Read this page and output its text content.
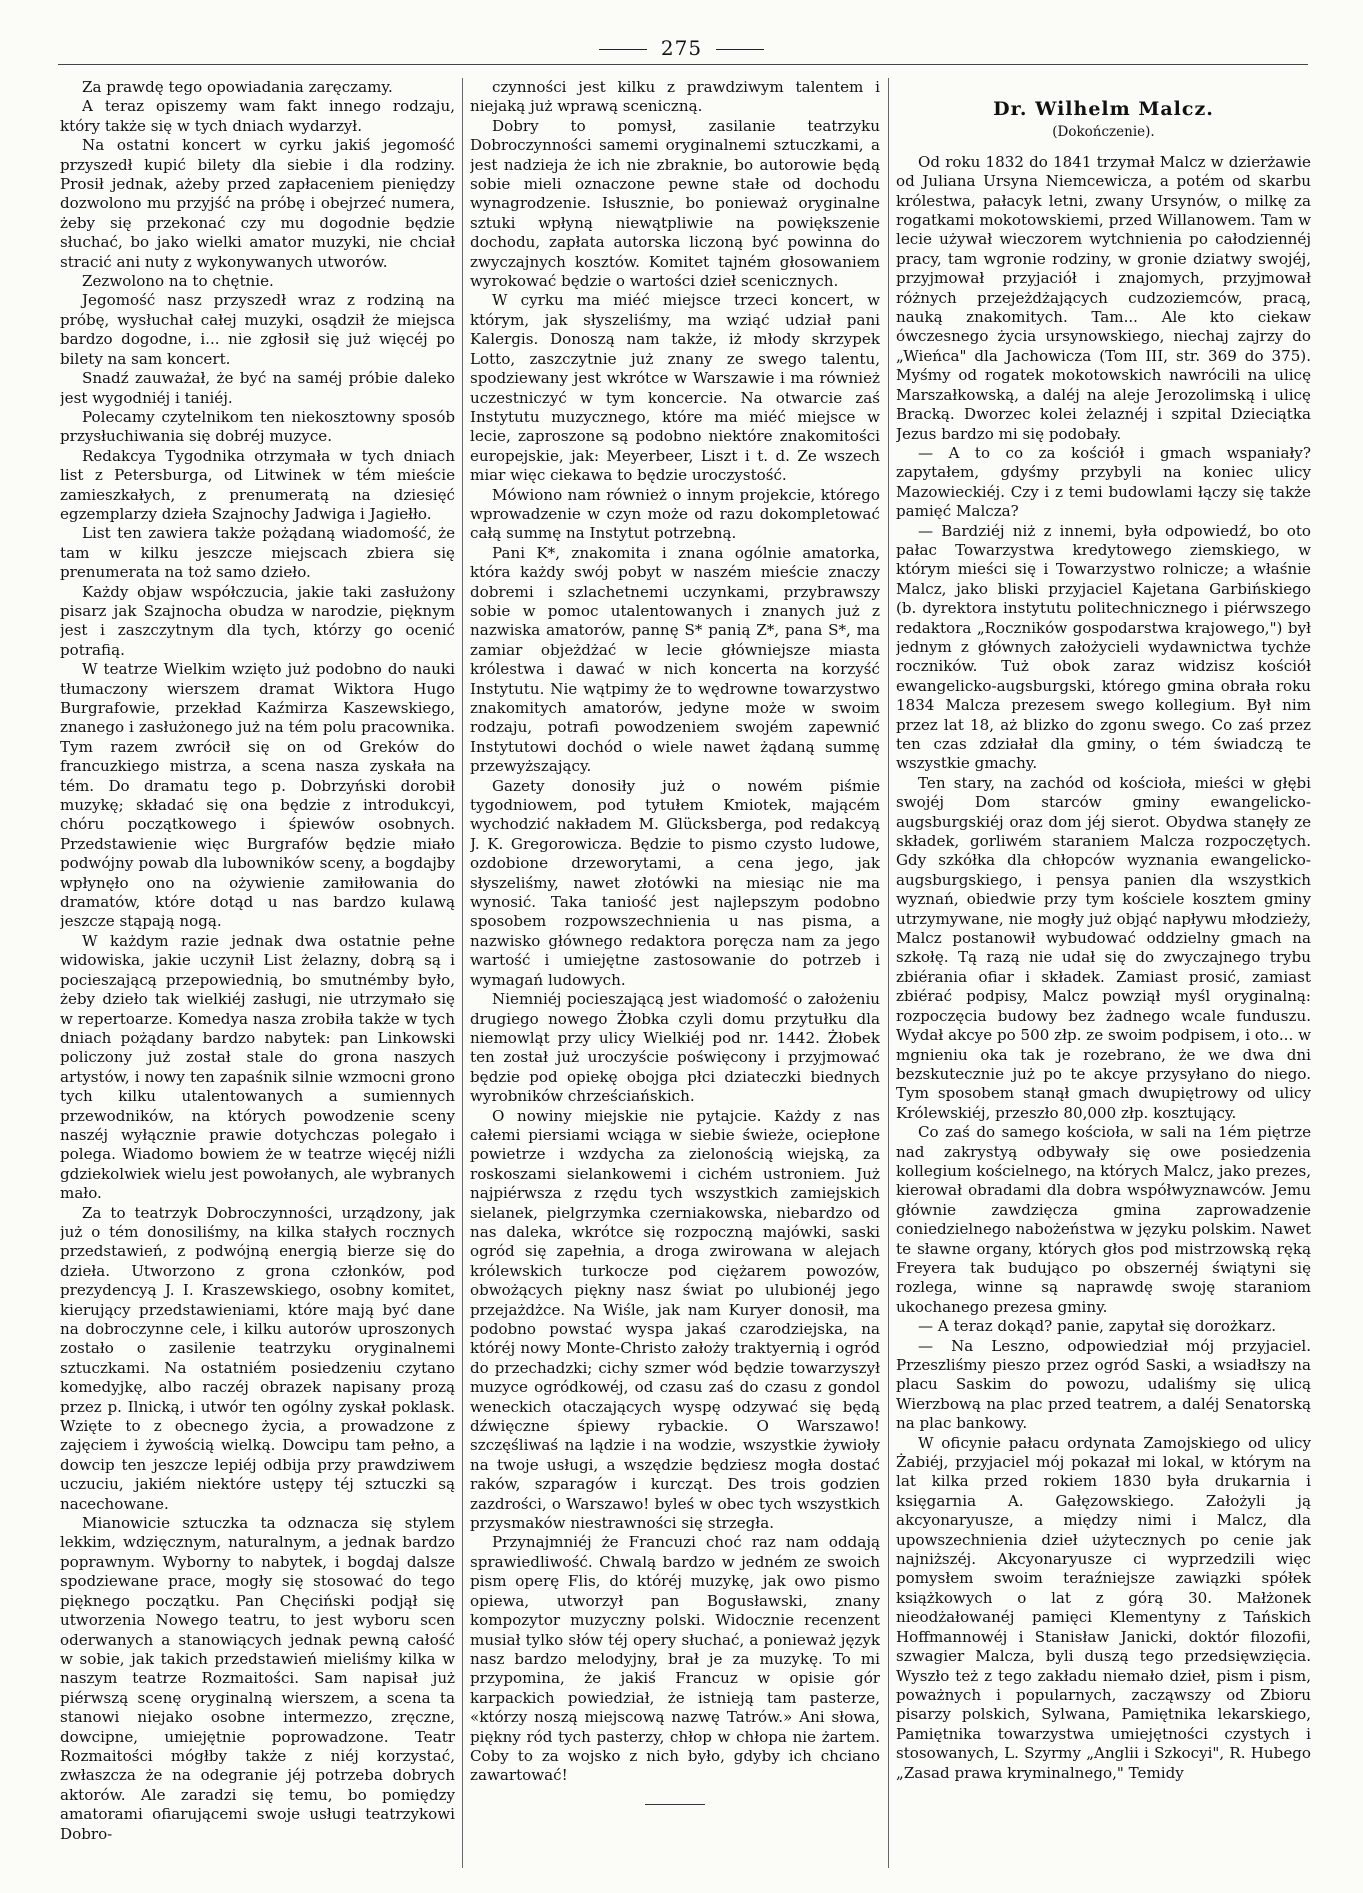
275

Za prawdę tego opowiadania zaręczamy.

A teraz opiszemy wam fakt innego rodzaju, który także się w tych dniach wydarzył.

Na ostatni koncert w cyrku jakiś jegomość przyszedł kupić bilety dla siebie i dla rodziny. Prosił jednak, ażeby przed zapłaceniem pieniędzy dozwolono mu przyjść na próbę i obejrzeć numera, żeby się przekonać czy mu dogodnie będzie słuchać, bo jako wielki amator muzyki, nie chciał stracić ani nuty z wykonywanych utworów.

Zezwolono na to chętnie.

Jegomość nasz przyszedł wraz z rodziną na próbę, wysłuchał całej muzyki, osądził że miejsca bardzo dogodne, i... nie zgłosił się już więcéj po bilety na sam koncert.

Snadź zauważał, że być na saméj próbie daleko jest wygodniéj i taniéj.

Polecamy czytelnikom ten niekosztowny sposób przysłuchiwania się dobréj muzyce.

Redakcya Tygodnika otrzymała w tych dniach list z Petersburga, od Litwinek w tém mieście zamieszkałych, z prenumeratą na dziesięć egzemplarzy dzieła Szajnochy Jadwiga i Jagiełło.

List ten zawiera także pożądaną wiadomość, że tam w kilku jeszcze miejscach zbiera się prenumerata na toż samo dzieło.

Każdy objaw współczucia, jakie taki zasłużony pisarz jak Szajnocha obudza w narodzie, pięknym jest i zaszczytnym dla tych, którzy go ocenić potrafią.

W teatrze Wielkim wzięto już podobno do nauki tłumaczony wierszem dramat Wiktora Hugo Burgrafowie, przekład Kaźmirza Kaszewskiego, znanego i zasłużonego już na tém polu pracownika. Tym razem zwrócił się on od Greków do francuzkiego mistrza, a scena nasza zyskała na tém. Do dramatu tego p. Dobrzyński dorobił muzykę; składać się ona będzie z introdukcyi, chóru początkowego i śpiewów osobnych. Przedstawienie więc Burgrafów będzie miało podwójny powab dla lubowników sceny, a bogdajby wpłynęło ono na ożywienie zamiłowania do dramatów, które dotąd u nas bardzo kulawą jeszcze stąpają nogą.

W każdym razie jednak dwa ostatnie pełne widowiska, jakie uczynił List żelazny, dobrą są i pocieszającą przepowiednią, bo smutnémby było, żeby dzieło tak wielkiéj zasługi, nie utrzymało się w repertoarze. Komedya nasza zrobiła także w tych dniach pożądany bardzo nabytek: pan Linkowski policzony już został stale do grona naszych artystów, i nowy ten zapaśnik silnie wzmocni grono tych kilku utalentowanych a sumiennych przewodników, na których powodzenie sceny naszéj wyłącznie prawie dotychczas polegało i polega. Wiadomo bowiem że w teatrze więcéj niźli gdziekolwiek wielu jest powołanych, ale wybranych mało.

Za to teatrzyk Dobroczynności, urządzony, jak już o tém donosiliśmy, na kilka stałych rocznych przedstawień, z podwójną energią bierze się do dzieła. Utworzono z grona członków, pod prezydencyą J. I. Kraszewskiego, osobny komitet, kierujący przedstawieniami, które mają być dane na dobroczynne cele, i kilku autorów uproszonych zostało o zasilenie teatrzyku oryginalnemi sztuczkami. Na ostatniém posiedzeniu czytano komedyjkę, albo raczéj obrazek napisany prozą przez p. Ilnicką, i utwór ten ogólny zyskał poklask. Wzięte to z obecnego życia, a prowadzone z zajęciem i żywością wielką. Dowcipu tam pełno, a dowcip ten jeszcze lepiéj odbija przy prawdziwem uczuciu, jakiém niektóre ustępy téj sztuczki są nacechowane.

Mianowicie sztuczka ta odznacza się stylem lekkim, wdzięcznym, naturalnym, a jednak bardzo poprawnym. Wyborny to nabytek, i bogdaj dalsze spodziewane prace, mogły się stosować do tego pięknego początku. Pan Chęciński podjął się utworzenia Nowego teatru, to jest wyboru scen oderwanych a stanowiących jednak pewną całość w sobie, jak takich przedstawień mieliśmy kilka w naszym teatrze Rozmaitości. Sam napisał już piérwszą scenę oryginalną wierszem, a scena ta stanowi niejako osobne intermezzo, zręczne, dowcipne, umiejętnie poprowadzone. Teatr Rozmaitości mógłby także z niéj korzystać, zwłaszcza że na odegranie jéj potrzeba dobrych aktorów. Ale zaradzi się temu, bo pomiędzy amatorami ofiarującemi swoje usługi teatrzykowi Dobro-

czynności jest kilku z prawdziwym talentem i niejaką już wprawą sceniczną.

Dobry to pomysł, zasilanie teatrzyku Dobroczynności samemi oryginalnemi sztuczkami, a jest nadzieja że ich nie zbraknie, bo autorowie będą sobie mieli oznaczone pewne stałe od dochodu wynagrodzenie. Isłusznie, bo ponieważ oryginalne sztuki wpłyną niewątpliwie na powiększenie dochodu, zapłata autorska liczoną być powinna do zwyczajnych kosztów. Komitet tajném głosowaniem wyrokować będzie o wartości dzieł scenicznych.

W cyrku ma miéć miejsce trzeci koncert, w którym, jak słyszeliśmy, ma wziąć udział pani Kalergis. Donoszą nam także, iż młody skrzypek Lotto, zaszczytnie już znany ze swego talentu, spodziewany jest wkrótce w Warszawie i ma również uczestniczyć w tym koncercie. Na otwarcie zaś Instytutu muzycznego, które ma miéć miejsce w lecie, zaproszone są podobno niektóre znakomitości europejskie, jak: Meyerbeer, Liszt i t. d. Ze wszech miar więc ciekawa to będzie uroczystość.

Mówiono nam również o innym projekcie, którego wprowadzenie w czyn może od razu dokompletować całą summę na Instytut potrzebną.

Pani K*, znakomita i znana ogólnie amatorka, która każdy swój pobyt w naszém mieście znaczy dobremi i szlachetnemi uczynkami, przybrawszy sobie w pomoc utalentowanych i znanych już z nazwiska amatorów, pannę S* panią Z*, pana S*, ma zamiar objeżdżać w lecie główniejsze miasta królestwa i dawać w nich koncerta na korzyść Instytutu. Nie wątpimy że to wędrowne towarzystwo znakomitych amatorów, jedyne może w swoim rodzaju, potrafi powodzeniem swojém zapewnić Instytutowi dochód o wiele nawet żądaną summę przewyższający.

Gazety donosiły już o nowém piśmie tygodniowem, pod tytułem Kmiotek, mającém wychodzić nakładem M. Glücksberga, pod redakcyą J. K. Gregorowicza. Będzie to pismo czysto ludowe, ozdobione drzeworytami, a cena jego, jak słyszeliśmy, nawet złotówki na miesiąc nie ma wynosić. Taka taniość jest najlepszym podobno sposobem rozpowszechnienia u nas pisma, a nazwisko głównego redaktora poręcza nam za jego wartość i umiejętne zastosowanie do potrzeb i wymagań ludowych.

Niemniéj pocieszającą jest wiadomość o założeniu drugiego nowego Żłobka czyli domu przytułku dla niemowląt przy ulicy Wielkiéj pod nr. 1442. Żłobek ten został już uroczyście poświęcony i przyjmować będzie pod opiekę obojga płci dziateczki biednych wyrobników chrześciańskich.

O nowiny miejskie nie pytajcie. Każdy z nas całemi piersiami wciąga w siebie świeże, ociepłone powietrze i wzdycha za zielonością wiejską, za roskoszami sielankowemi i cichém ustroniem. Już najpiérwsza z rzędu tych wszystkich zamiejskich sielanek, pielgrzymka czerniakowska, niebardzo od nas daleka, wkrótce się rozpoczną majówki, saski ogród się zapełnia, a droga zwirowana w alejach królewskich turkocze pod ciężarem powozów, obwożących piękny nasz świat po ulubionéj jego przejażdżce. Na Wiśle, jak nam Kuryer donosił, ma podobno powstać wyspa jakaś czarodziejska, na któréj nowy Monte-Christo założy traktyernią i ogród do przechadzki; cichy szmer wód będzie towarzyszył muzyce ogródkowéj, od czasu zaś do czasu z gondol weneckich otaczających wyspę odzywać się będą dźwięczne śpiewy rybackie. O Warszawo! szczęśliwaś na lądzie i na wodzie, wszystkie żywioły na twoje usługi, a wszędzie będziesz mogła dostać raków, szparagów i kurcząt. Des trois godzien zazdrości, o Warszawo! byleś w obec tych wszystkich przysmaków niestrawności się strzegła.

Przynajmniéj że Francuzi choć raz nam oddają sprawiedliwość. Chwalą bardzo w jedném ze swoich pism operę Flis, do któréj muzykę, jak owo pismo opiewa, utworzył pan Bogusławski, znany kompozytor muzyczny polski. Widocznie recenzent musiał tylko słów téj opery słuchać, a ponieważ język nasz bardzo melodyjny, brał je za muzykę. To mi przypomina, że jakiś Francuz w opisie gór karpackich powiedział, że istnieją tam pasterze, «którzy noszą miejscową nazwę Tatrów.» Ani słowa, piękny ród tych pasterzy, chłop w chłopa nie żartem. Coby to za wojsko z nich było, gdyby ich chciano zawartować!

Dr. Wilhelm Malcz.
(Dokończenie).

Od roku 1832 do 1841 trzymał Malcz w dzierżawie od Juliana Ursyna Niemcewicza, a potém od skarbu królestwa, pałacyk letni, zwany Ursynów, o milkę za rogatkami mokotowskiemi, przed Willanowem. Tam w lecie używał wieczorem wytchnienia po całodziennéj pracy, tam wgronie rodziny, w gronie dziatwy swojéj, przyjmował przyjaciół i znajomych, przyjmował różnych przejeżdżających cudzoziemców, pracą, nauką znakomitych. Tam... Ale kto ciekaw ówczesnego życia ursynowskiego, niechaj zajrzy do „Wieńca" dla Jachowicza (Tom III, str. 369 do 375). Myśmy od rogatek mokotowskich nawrócili na ulicę Marszałkowską, a daléj na aleje Jerozolimską i ulicę Bracką. Dworzec kolei żelaznéj i szpital Dzieciątka Jezus bardzo mi się podobały.

— A to co za kościół i gmach wspaniały? zapytałem, gdyśmy przybyli na koniec ulicy Mazowieckiéj. Czy i z temi budowlami łączy się także pamięć Malcza?

— Bardziéj niż z innemi, była odpowiedź, bo oto pałac Towarzystwa kredytowego ziemskiego, w którym mieści się i Towarzystwo rolnicze; a właśnie Malcz, jako bliski przyjaciel Kajetana Garbińskiego (b. dyrektora instytutu politechnicznego i piérwszego redaktora „Roczników gospodarstwa krajowego,") był jednym z głównych założycieli wydawnictwa tychże roczników. Tuż obok zaraz widzisz kościół ewangelicko-augsburgski, którego gmina obrała roku 1834 Malcza prezesem swego kollegium. Był nim przez lat 18, aż blizko do zgonu swego. Co zaś przez ten czas zdziałał dla gminy, o tém świadczą te wszystkie gmachy.

Ten stary, na zachód od kościoła, mieści w głębi swojéj Dom starców gminy ewangelicko-augsburgskiéj oraz dom jéj sierot. Obydwa stanęły ze składek, gorliwém staraniem Malcza rozpoczętych. Gdy szkółka dla chłopców wyznania ewangelicko-augsburgskiego, i pensya panien dla wszystkich wyznań, obiedwie przy tym kościele kosztem gminy utrzymywane, nie mogły już objąć napływu młodzieży, Malcz postanowił wybudować oddzielny gmach na szkołę. Tą razą nie udał się do zwyczajnego trybu zbiérania ofiar i składek. Zamiast prosić, zamiast zbiérać podpisy, Malcz powziął myśl oryginalną: rozpoczęcia budowy bez żadnego wcale funduszu. Wydał akcye po 500 złp. ze swoim podpisem, i oto... w mgnieniu oka tak je rozebrano, że we dwa dni bezskutecznie już po te akcye przysyłano do niego. Tym sposobem stanął gmach dwupiętrowy od ulicy Królewskiéj, przeszło 80,000 złp. kosztujący.

Co zaś do samego kościoła, w sali na 1ém piętrze nad zakrystyą odbywały się owe posiedzenia kollegium kościelnego, na których Malcz, jako prezes, kierował obradami dla dobra współwyznawców. Jemu głównie zawdzięcza gmina zaprowadzenie coniedzielnego nabożeństwa w języku polskim. Nawet te sławne organy, których głos pod mistrzowską ręką Freyera tak budująco po obszernéj świątyni się rozlega, winne są naprawdę swoję staraniom ukochanego prezesa gminy.

— A teraz dokąd? panie, zapytał się dorożkarz.

— Na Leszno, odpowiedział mój przyjaciel. Przeszliśmy pieszo przez ogród Saski, a wsiadłszy na placu Saskim do powozu, udaliśmy się ulicą Wierzbową na plac przed teatrem, a daléj Senatorską na plac bankowy.

W oficynie pałacu ordynata Zamojskiego od ulicy Żabiéj, przyjaciel mój pokazał mi lokal, w którym na lat kilka przed rokiem 1830 była drukarnia i księgarnia A. Gałęzowskiego. Założyli ją akcyonaryusze, a między nimi i Malcz, dla upowszechnienia dzieł użytecznych po cenie jak najniższéj. Akcyonaryusze ci wyprzedzili więc pomysłem swoim teraźniejsze zawiązki spółek książkowych o lat z górą 30. Małżonek nieodżałowanéj pamięci Klementyny z Tańskich Hoffmannowéj i Stanisław Janicki, doktór filozofii, szwagier Malcza, byli duszą tego przedsięwzięcia. Wyszło też z tego zakładu niemało dzieł, pism i pism, poważnych i popularnych, zacząwszy od Zbioru pisarzy polskich, Sylwana, Pamiętnika lekarskiego, Pamiętnika towarzystwa umiejętności czystych i stosowanych, L. Szyrmy „Anglii i Szkocyi", R. Hubego „Zasad prawa kryminalnego," Temidy
